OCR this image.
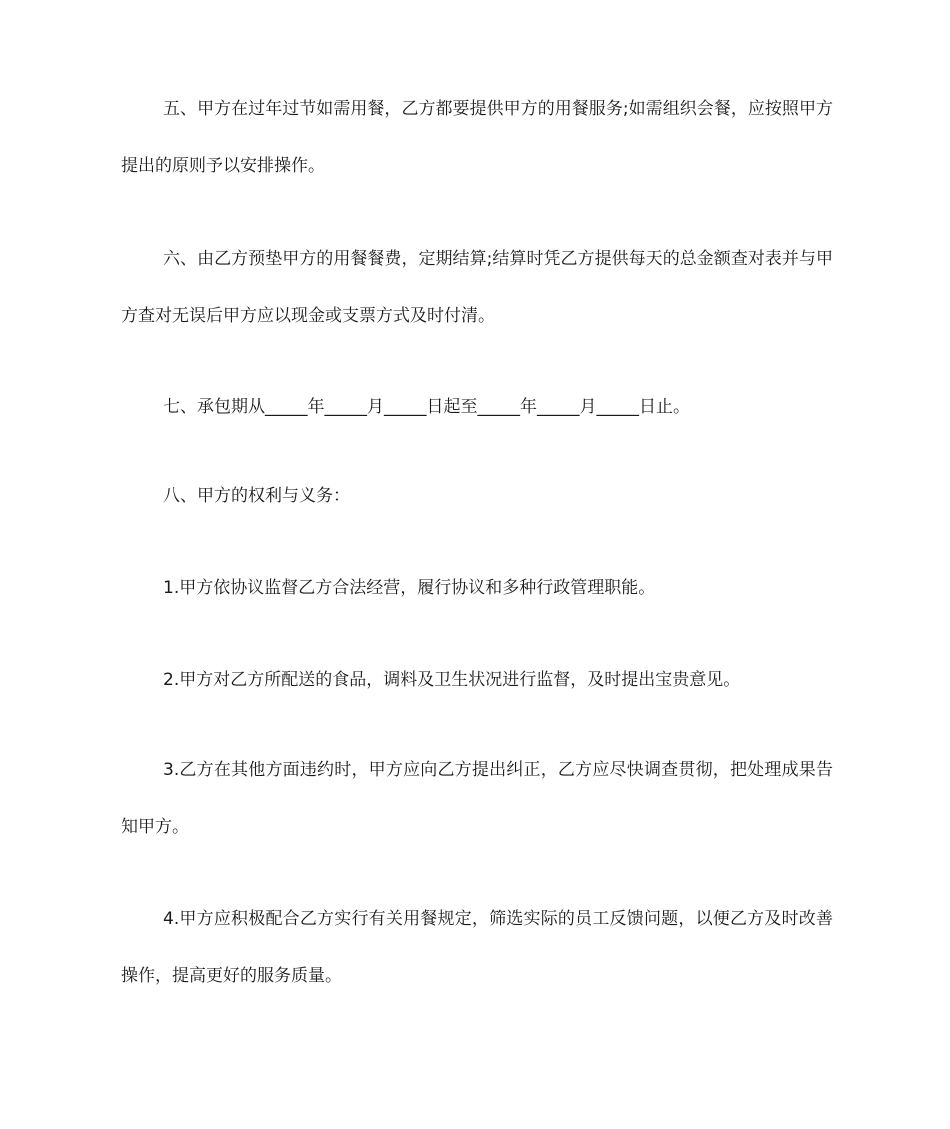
五、甲方在过年过节如需用餐，乙方都要提供甲方的用餐服务;如需组织会餐，应按照甲方提出的原则予以安排操作。

六、由乙方预垫甲方的用餐餐费，定期结算;结算时凭乙方提供每天的总金额查对表并与甲方查对无误后甲方应以现金或支票方式及时付清。

七、承包期从_____年_____月_____日起至_____年_____月_____日止。

八、甲方的权利与义务：

1.甲方依协议监督乙方合法经营，履行协议和多种行政管理职能。

2.甲方对乙方所配送的食品，调料及卫生状况进行监督，及时提出宝贵意见。

3.乙方在其他方面违约时，甲方应向乙方提出纠正，乙方应尽快调查贯彻，把处理成果告知甲方。

4.甲方应积极配合乙方实行有关用餐规定，筛选实际的员工反馈问题，以便乙方及时改善操作，提高更好的服务质量。
